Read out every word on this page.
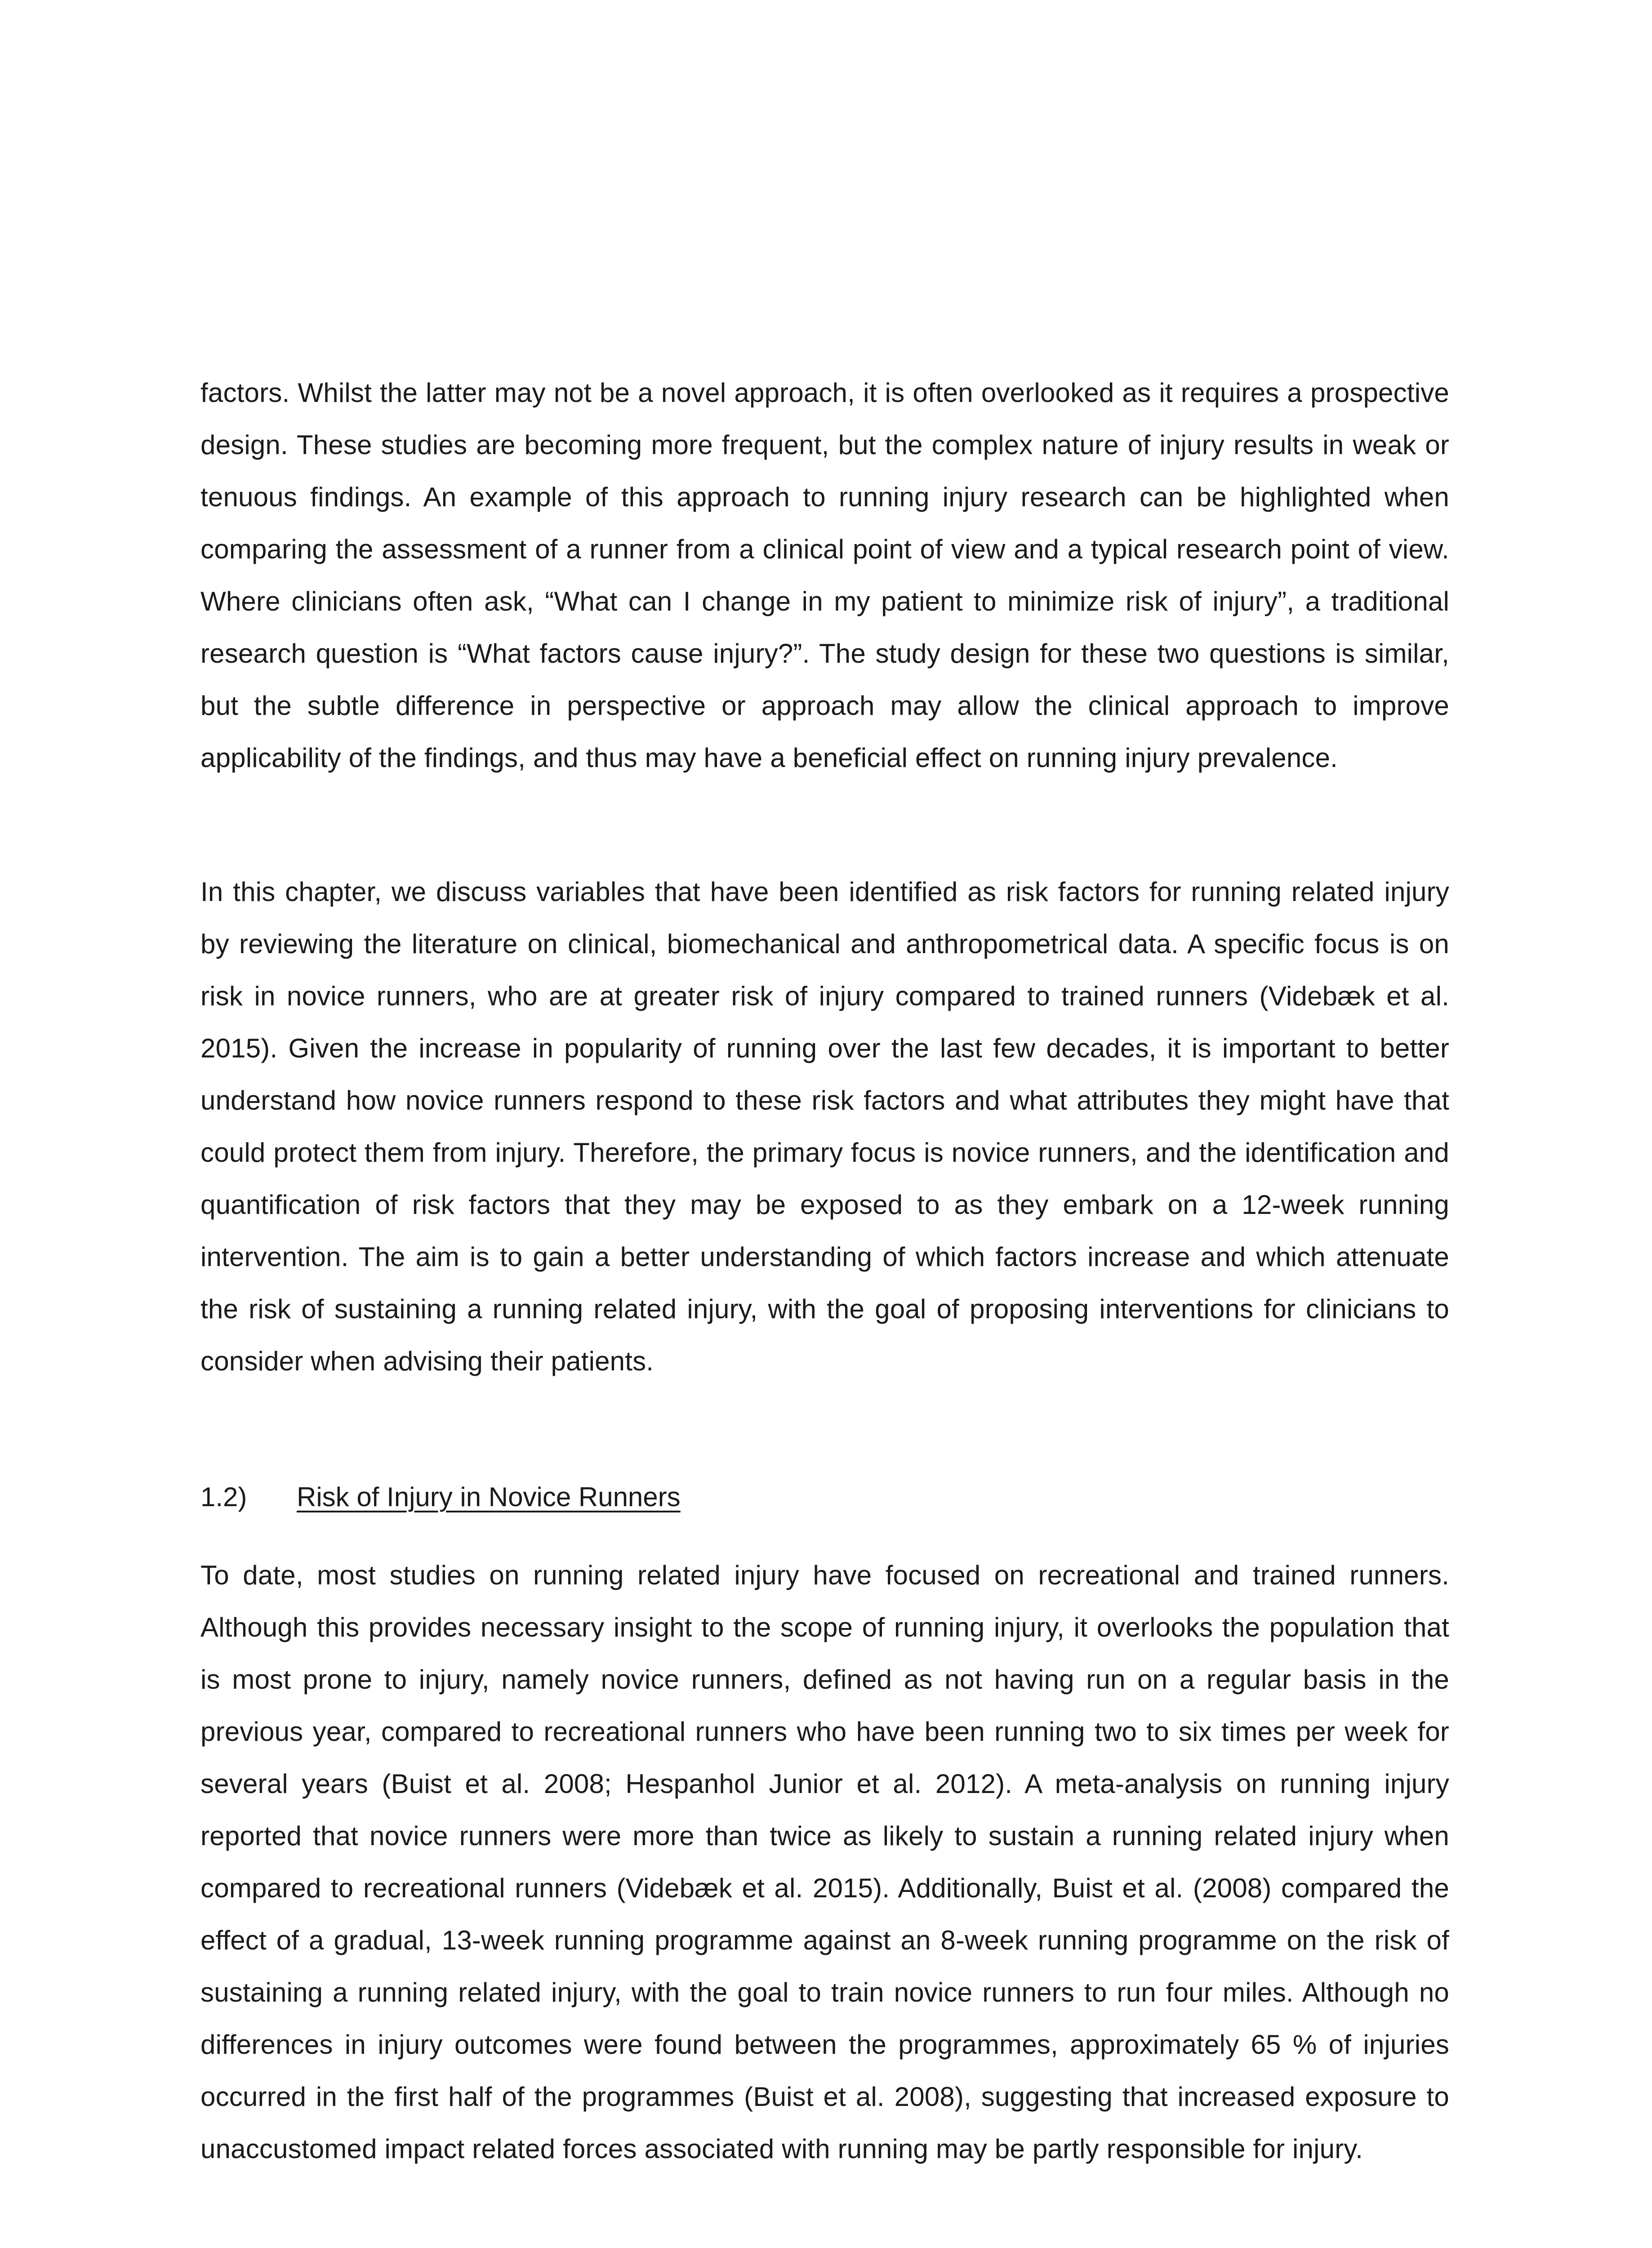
factors. Whilst the latter may not be a novel approach, it is often overlooked as it requires a prospective design. These studies are becoming more frequent, but the complex nature of injury results in weak or tenuous findings. An example of this approach to running injury research can be highlighted when comparing the assessment of a runner from a clinical point of view and a typical research point of view. Where clinicians often ask, “What can I change in my patient to minimize risk of injury”, a traditional research question is “What factors cause injury?”. The study design for these two questions is similar, but the subtle difference in perspective or approach may allow the clinical approach to improve applicability of the findings, and thus may have a beneficial effect on running injury prevalence.

In this chapter, we discuss variables that have been identified as risk factors for running related injury by reviewing the literature on clinical, biomechanical and anthropometrical data. A specific focus is on risk in novice runners, who are at greater risk of injury compared to trained runners (Videbæk et al. 2015). Given the increase in popularity of running over the last few decades, it is important to better understand how novice runners respond to these risk factors and what attributes they might have that could protect them from injury. Therefore, the primary focus is novice runners, and the identification and quantification of risk factors that they may be exposed to as they embark on a 12-week running intervention. The aim is to gain a better understanding of which factors increase and which attenuate the risk of sustaining a running related injury, with the goal of proposing interventions for clinicians to consider when advising their patients.

1.2)	Risk of Injury in Novice Runners

To date, most studies on running related injury have focused on recreational and trained runners. Although this provides necessary insight to the scope of running injury, it overlooks the population that is most prone to injury, namely novice runners, defined as not having run on a regular basis in the previous year, compared to recreational runners who have been running two to six times per week for several years (Buist et al. 2008; Hespanhol Junior et al. 2012). A meta-analysis on running injury reported that novice runners were more than twice as likely to sustain a running related injury when compared to recreational runners (Videbæk et al. 2015). Additionally, Buist et al. (2008) compared the effect of a gradual, 13-week running programme against an 8-week running programme on the risk of sustaining a running related injury, with the goal to train novice runners to run four miles. Although no differences in injury outcomes were found between the programmes, approximately 65 % of injuries occurred in the first half of the programmes (Buist et al. 2008), suggesting that increased exposure to unaccustomed impact related forces associated with running may be partly responsible for injury.
